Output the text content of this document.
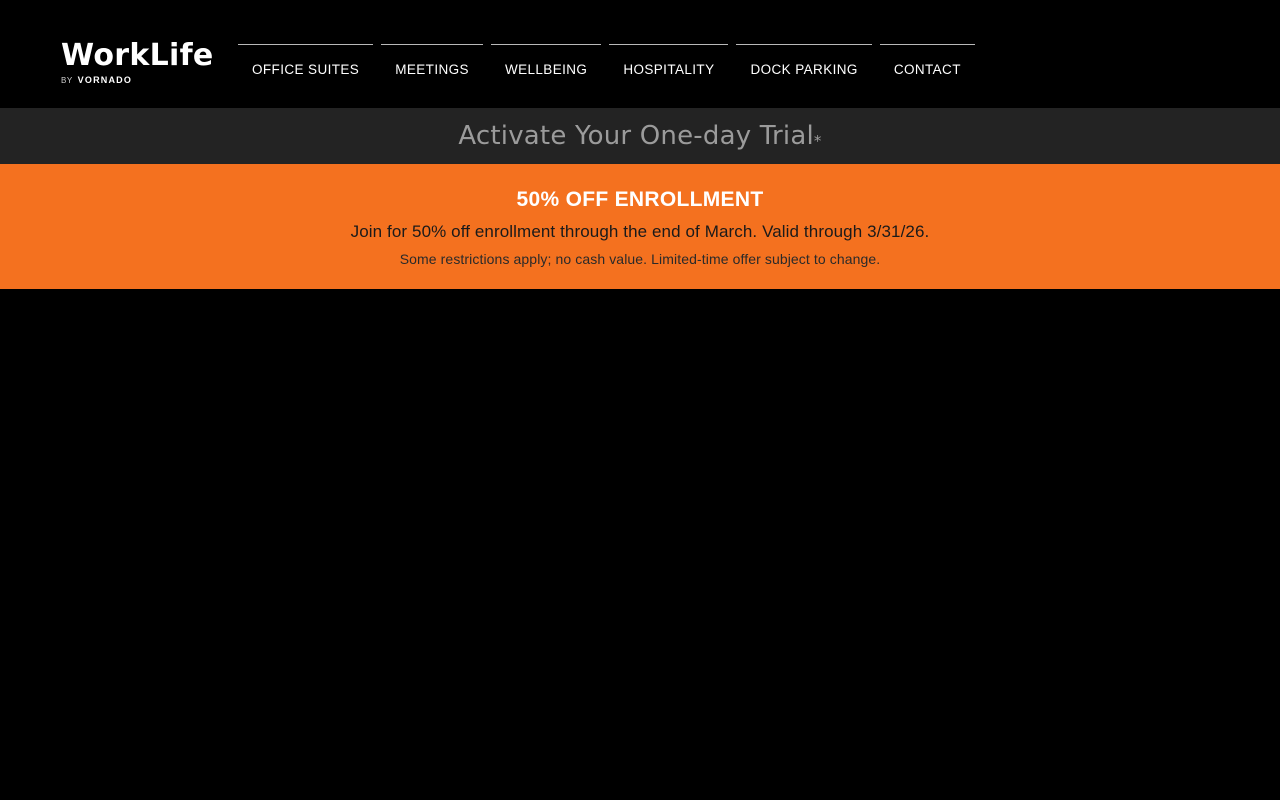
WorkLife
BY VORNADO
OFFICE SUITES	MEETINGS	WELLBEING	HOSPITALITY	DOCK PARKING	CONTACT
Activate Your One-day Trial*
50% OFF ENROLLMENT
Join for 50% off enrollment through the end of March. Valid through 3/31/26.
Some restrictions apply; no cash value. Limited-time offer subject to change.
